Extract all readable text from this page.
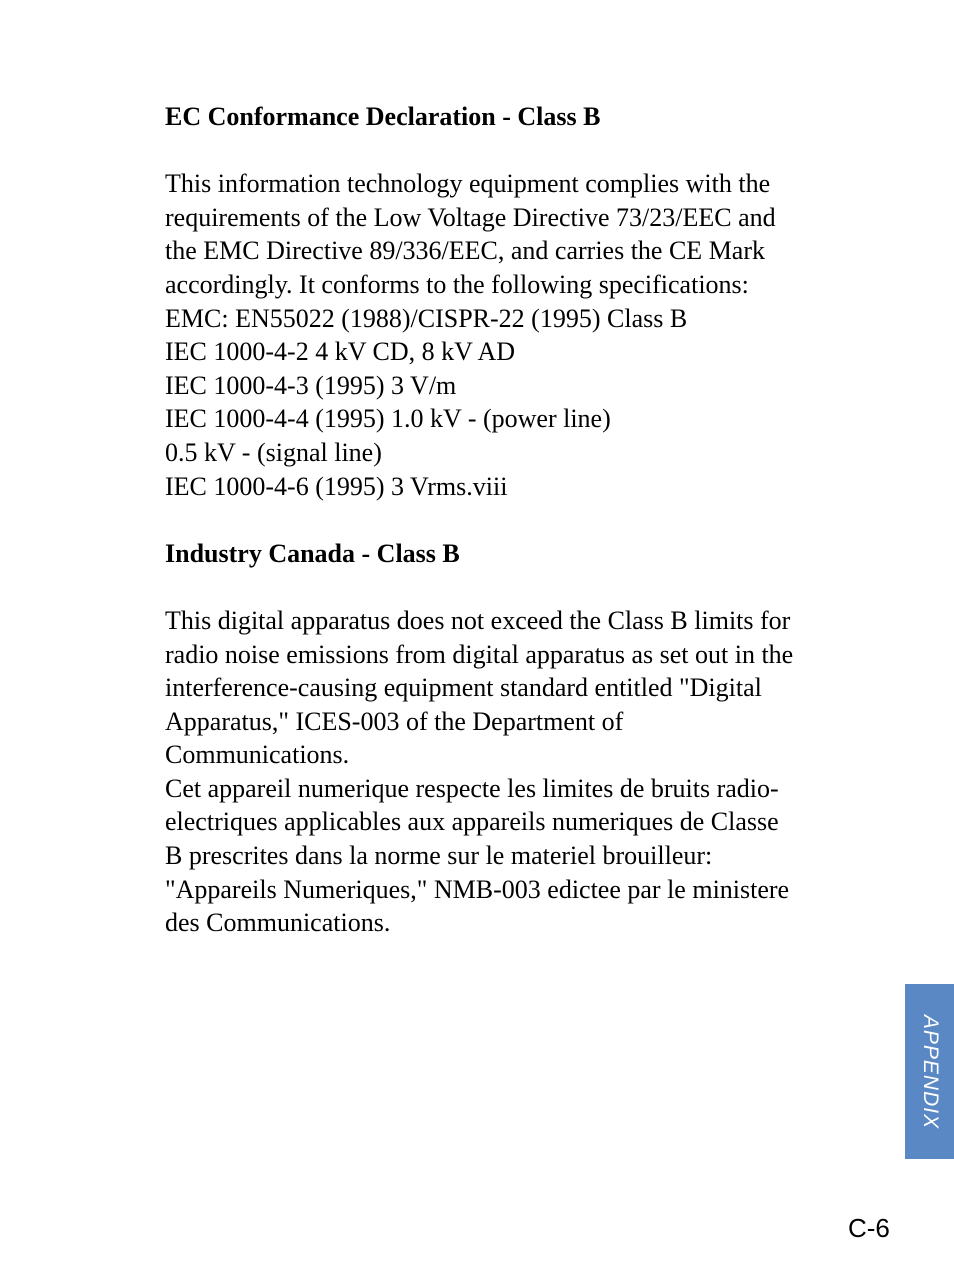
EC Conformance Declaration - Class B

This information technology equipment complies with the
requirements of the Low Voltage Directive 73/23/EEC and
the EMC Directive 89/336/EEC, and carries the CE Mark
accordingly. It conforms to the following specifications:
EMC: EN55022 (1988)/CISPR-22 (1995) Class B
IEC 1000-4-2 4 kV CD, 8 kV AD
IEC 1000-4-3 (1995) 3 V/m
IEC 1000-4-4 (1995) 1.0 kV - (power line)
0.5 kV - (signal line)
IEC 1000-4-6 (1995) 3 Vrms.viii

Industry Canada - Class B

This digital apparatus does not exceed the Class B limits for
radio noise emissions from digital apparatus as set out in the
interference-causing equipment standard entitled "Digital
Apparatus," ICES-003 of the Department of
Communications.
Cet appareil numerique respecte les limites de bruits radio-
electriques applicables aux appareils numeriques de Classe
B prescrites dans la norme sur le materiel brouilleur:
"Appareils Numeriques," NMB-003 edictee par le ministere
des Communications.
APPENDIX
C-6
